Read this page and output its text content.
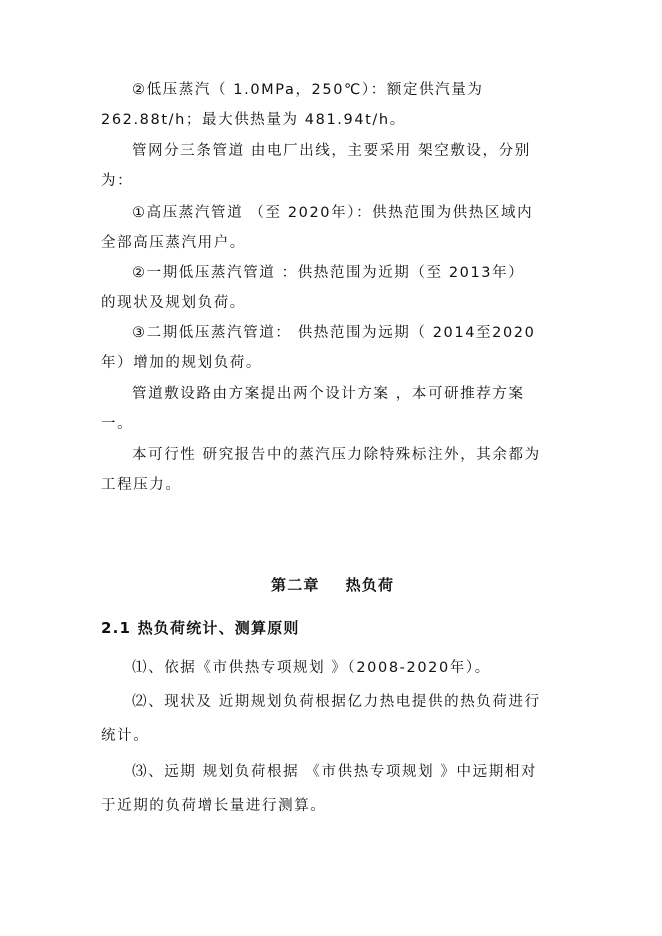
②低压蒸汽（ 1.0MPa，250℃）：额定供汽量为
262.88t/h；最大供热量为 481.94t/h。
管网分三条管道 由电厂出线，主要采用 架空敷设，分别
为：
①高压蒸汽管道 （至 2020年）：供热范围为供热区域内
全部高压蒸汽用户。
②一期低压蒸汽管道 ：供热范围为近期（至 2013年）
的现状及规划负荷。
③二期低压蒸汽管道： 供热范围为远期（ 2014至2020
年）增加的规划负荷。
管道敷设路由方案提出两个设计方案 ，本可研推荐方案
一。
本可行性 研究报告中的蒸汽压力除特殊标注外，其余都为
工程压力。
第二章 热负荷
2.1 热负荷统计、测算原则
⑴、依据《市供热专项规划 》（2008-2020年）。
⑵、现状及 近期规划负荷根据亿力热电提供的热负荷进行
统计。
⑶、远期 规划负荷根据 《市供热专项规划 》中远期相对
于近期的负荷增长量进行测算。
